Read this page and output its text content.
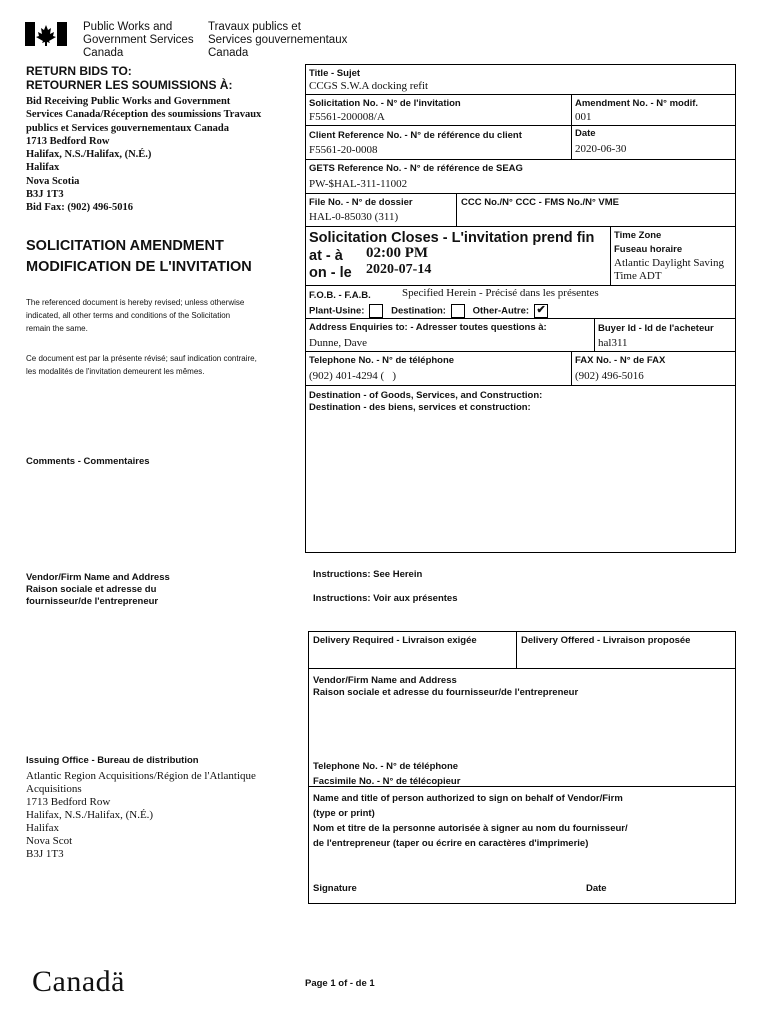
Public Works and
Government Services
Canada
Travaux publics et
Services gouvernementaux
Canada
RETURN BIDS TO:
RETOURNER LES SOUMISSIONS À:
Bid Receiving Public Works and Government
Services Canada/Réception des soumissions Travaux
publics et Services gouvernementaux Canada
1713 Bedford Row
Halifax, N.S./Halifax, (N.É.)
Halifax
Nova Scotia
B3J 1T3
Bid Fax: (902) 496-5016
SOLICITATION AMENDMENT
MODIFICATION DE L'INVITATION
The referenced document is hereby revised; unless otherwise
indicated, all other terms and conditions of the Solicitation
remain the same.
Ce document est par la présente révisé; sauf indication contraire,
les modalités de l'invitation demeurent les mêmes.
Comments - Commentaires
Title - Sujet
CCGS S.W.A docking refit
Solicitation No. - N° de l'invitation
F5561-200008/A
Amendment No. - N° modif.
001
Client Reference No. - N° de référence du client
F5561-20-0008
Date
2020-06-30
GETS Reference No. - N° de référence de SEAG
PW-$HAL-311-11002
File No. - N° de dossier
HAL-0-85030 (311)
CCC No./N° CCC - FMS No./N° VME
Solicitation Closes - L'invitation prend fin
at - à 02:00 PM
on - le 2020-07-14
Time Zone
Fuseau horaire
Atlantic Daylight Saving
Time ADT
F.O.B. - F.A.B.	Specified Herein - Précisé dans les présentes
Plant-Usine:	Destination:	Other-Autre: ✔
Address Enquiries to: - Adresser toutes questions à:
Dunne, Dave
Buyer Id - Id de l'acheteur
hal311
Telephone No. - N° de téléphone
(902) 401-4294 (   )
FAX No. - N° de FAX
(902) 496-5016
Destination - of Goods, Services, and Construction:
Destination - des biens, services et construction:
Vendor/Firm Name and Address
Raison sociale et adresse du
fournisseur/de l'entrepreneur
Instructions: See Herein
Instructions: Voir aux présentes
Delivery Required - Livraison exigée	Delivery Offered - Livraison proposée
Vendor/Firm Name and Address
Raison sociale et adresse du fournisseur/de l'entrepreneur
Telephone No. - N° de téléphone
Facsimile No. - N° de télécopieur
Name and title of person authorized to sign on behalf of Vendor/Firm
(type or print)
Nom et titre de la personne autorisée à signer au nom du fournisseur/
de l'entrepreneur (taper ou écrire en caractères d'imprimerie)
Signature	Date
Issuing Office - Bureau de distribution
Atlantic Region Acquisitions/Région de l'Atlantique
Acquisitions
1713 Bedford Row
Halifax, N.S./Halifax, (N.É.)
Halifax
Nova Scot
B3J 1T3
Canadä	Page 1 of - de 1
